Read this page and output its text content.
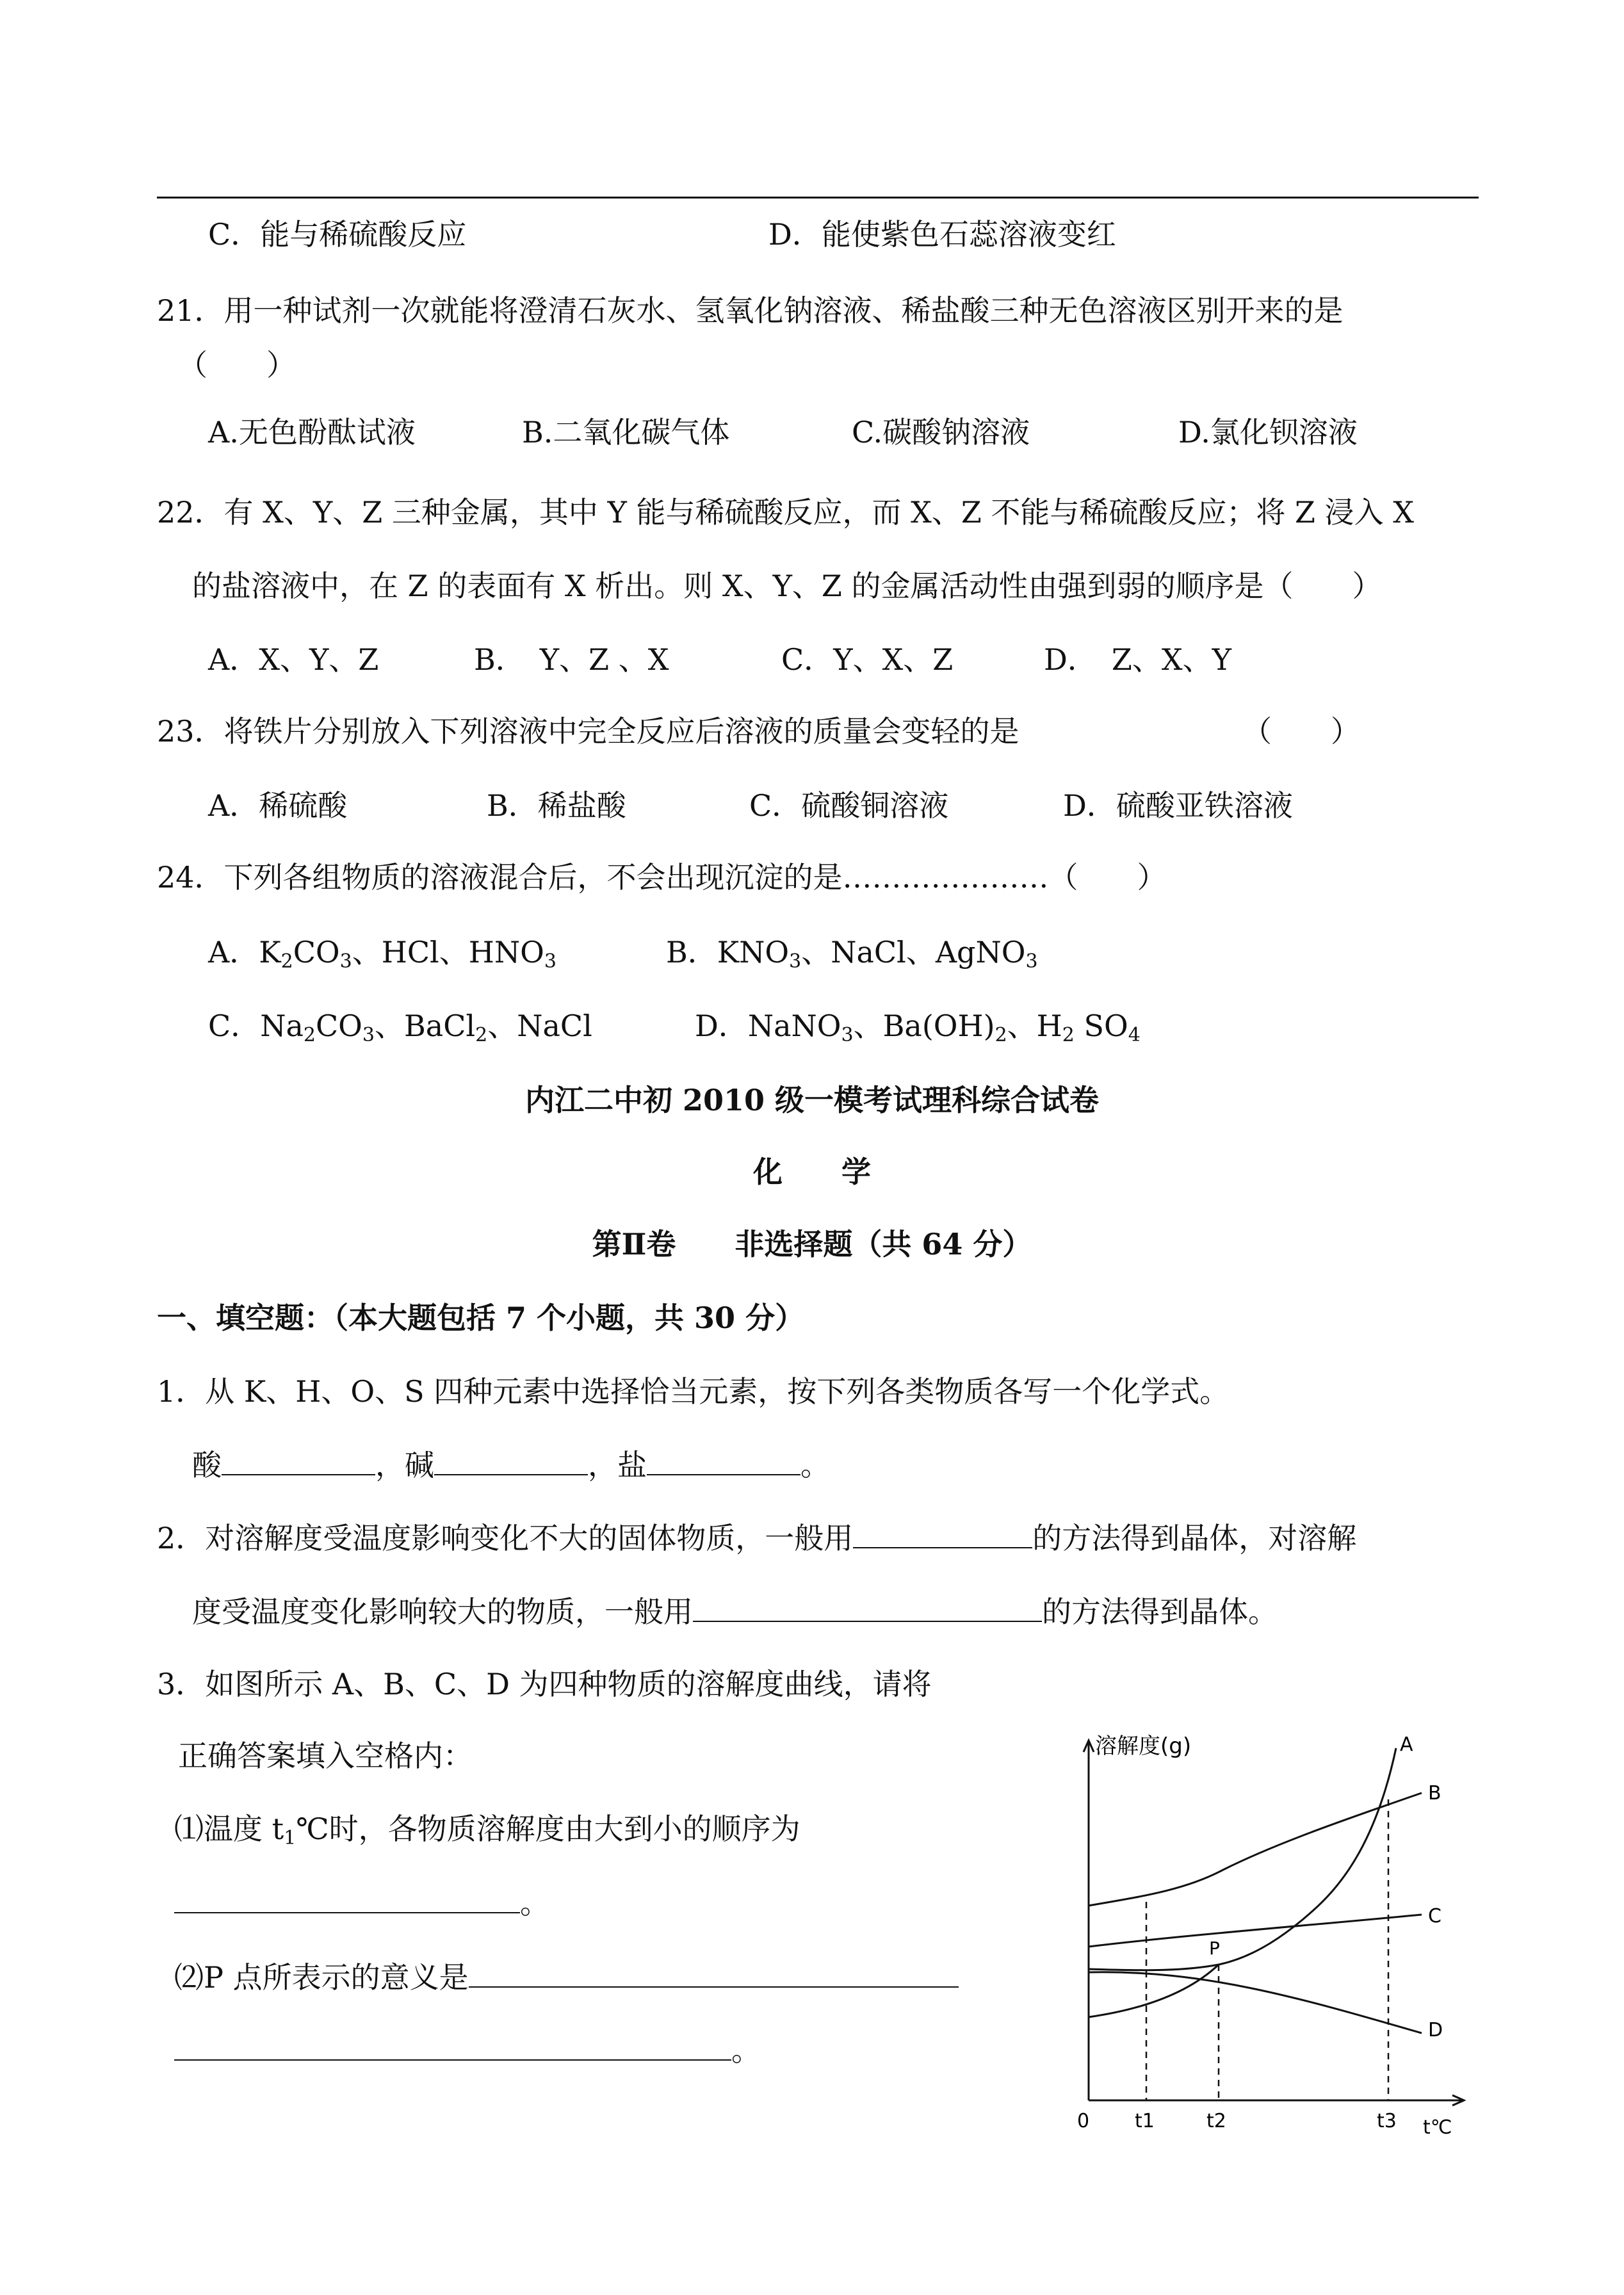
C．能与稀硫酸反应	D．能使紫色石蕊溶液变红
21．用一种试剂一次就能将澄清石灰水、氢氧化钠溶液、稀盐酸三种无色溶液区别开来的是
（　　）
A.无色酚酞试液	B.二氧化碳气体	C.碳酸钠溶液	D.氯化钡溶液
22．有 X、Y、Z 三种金属，其中 Y 能与稀硫酸反应，而 X、Z 不能与稀硫酸反应；将 Z 浸入 X
的盐溶液中，在 Z 的表面有 X 析出。则 X、Y、Z 的金属活动性由强到弱的顺序是（　　）
A．X、Y、Z	B．　Y、Z 、X	C．Y、X、Z	D．　Z、X、Y
23．将铁片分别放入下列溶液中完全反应后溶液的质量会变轻的是	（　　）
A．稀硫酸	B．稀盐酸	C．硫酸铜溶液	D．硫酸亚铁溶液
24．下列各组物质的溶液混合后，不会出现沉淀的是…………………（　　）
A．$K_2CO_3$、HCl、$HNO_3$	B．$KNO_3$、NaCl、AgNO$_3$
C．$Na_2CO_3$、BaCl$_2$、NaCl	D．NaNO$_3$、$Ba(OH)_2$、$H_2$ $SO_4$
内江二中初 2010 级一模考试理科综合试卷
化　　学
第Ⅱ卷　　非选择题（共 64 分）
一、填空题：（本大题包括 7 个小题，共 30 分）
1．从 K、H、O、S 四种元素中选择恰当元素，按下列各类物质各写一个化学式。
酸	，碱	，盐	。
2．对溶解度受温度影响变化不大的固体物质，一般用	的方法得到晶体，对溶解
度受温度变化影响较大的物质，一般用	的方法得到晶体。
3．如图所示 A、B、C、D 为四种物质的溶解度曲线，请将
正确答案填入空格内：
⑴温度 $t_1℃$时，各物质溶解度由大到小的顺序为
。
⑵P 点所表示的意义是
。
溶解度(g)	A
B
C
D
P
0 t1	t2	t3 t℃
